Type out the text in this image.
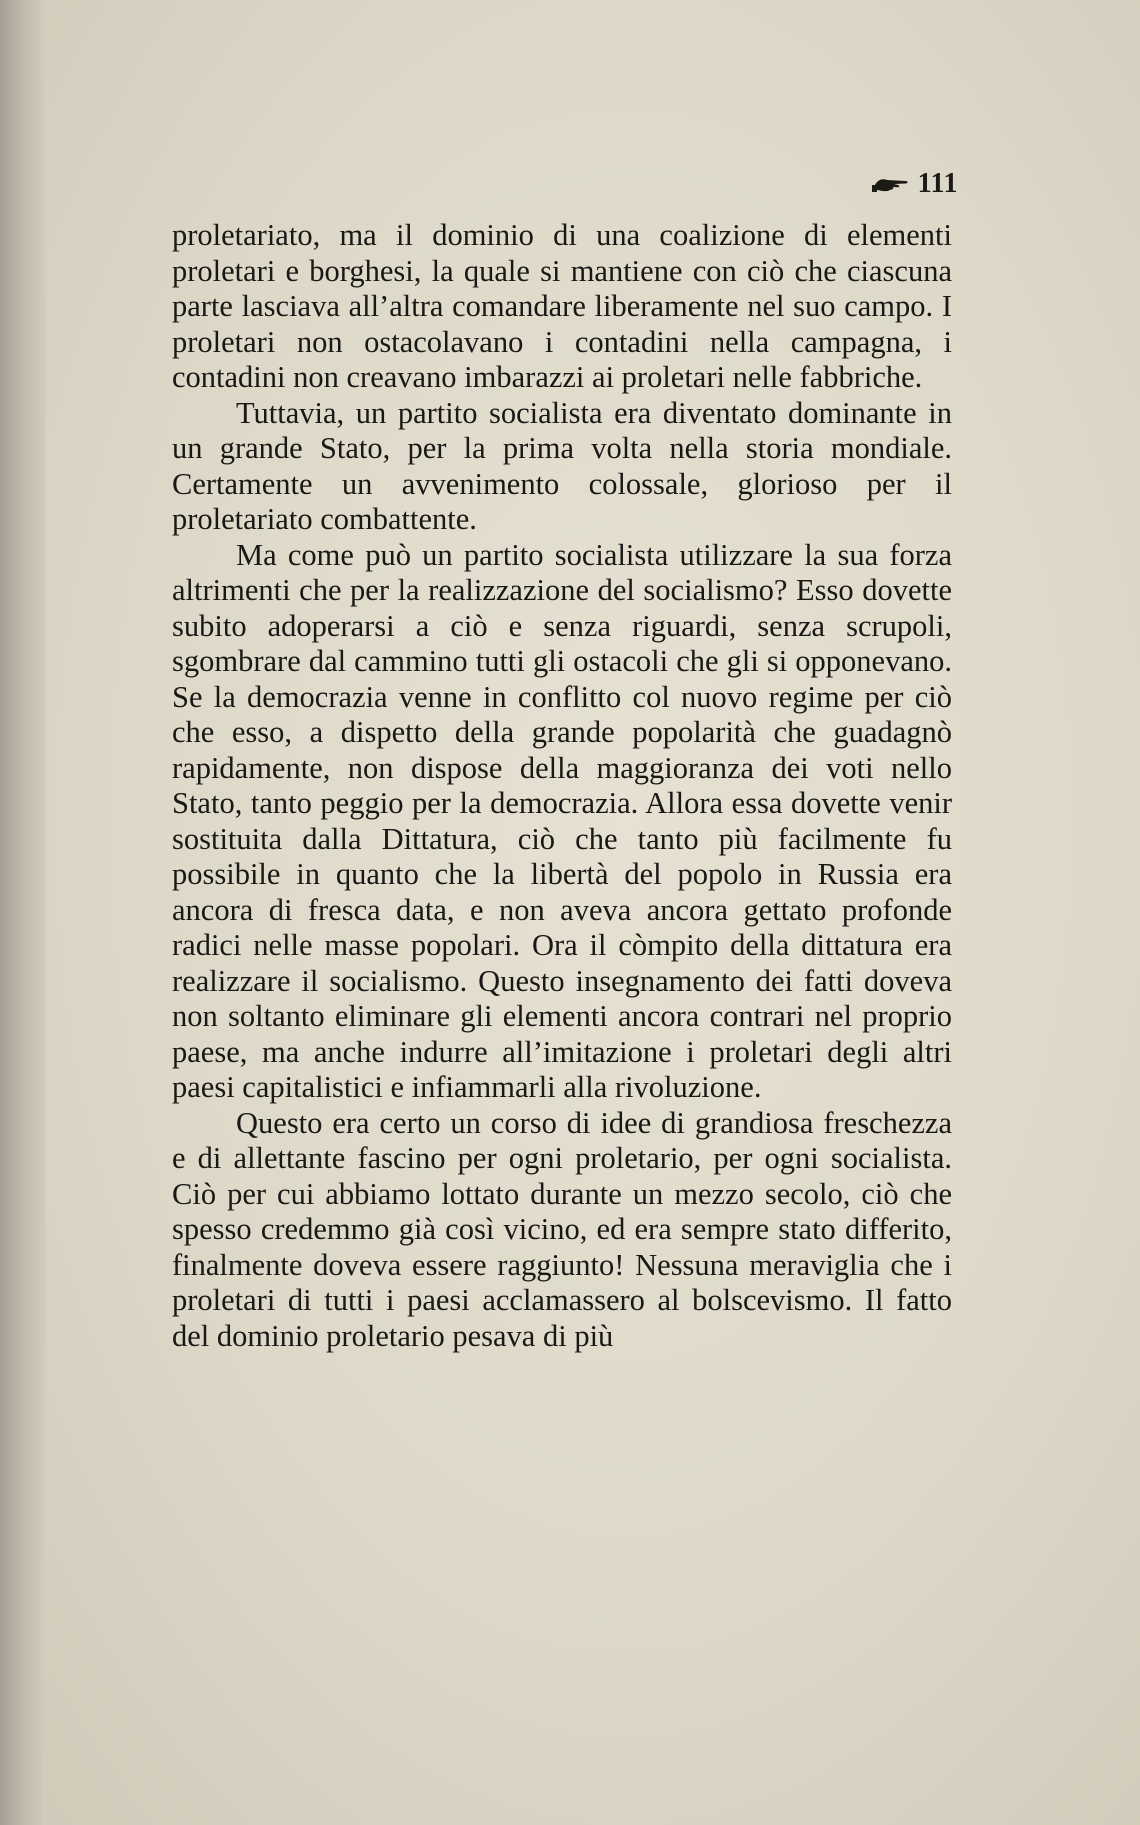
111

proletariato, ma il dominio di una coalizione di elementi proletari e borghesi, la quale si mantiene con ciò che ciascuna parte lasciava all’altra comandare liberamente nel suo campo. I proletari non ostacolavano i contadini nella campagna, i contadini non creavano imbarazzi ai proletari nelle fabbriche.

Tuttavia, un partito socialista era diventato dominante in un grande Stato, per la prima volta nella storia mondiale. Certamente un avvenimento colossale, glorioso per il proletariato combattente.

Ma come può un partito socialista utilizzare la sua forza altrimenti che per la realizzazione del socialismo? Esso dovette subito adoperarsi a ciò e senza riguardi, senza scrupoli, sgombrare dal cammino tutti gli ostacoli che gli si opponevano. Se la democrazia venne in conflitto col nuovo regime per ciò che esso, a dispetto della grande popolarità che guadagnò rapidamente, non dispose della maggioranza dei voti nello Stato, tanto peggio per la democrazia. Allora essa dovette venir sostituita dalla Dittatura, ciò che tanto più facilmente fu possibile in quanto che la libertà del popolo in Russia era ancora di fresca data, e non aveva ancora gettato profonde radici nelle masse popolari. Ora il còmpito della dittatura era realizzare il socialismo. Questo insegnamento dei fatti doveva non soltanto eliminare gli elementi ancora contrari nel proprio paese, ma anche indurre all’imitazione i proletari degli altri paesi capitalistici e infiammarli alla rivoluzione.

Questo era certo un corso di idee di grandiosa freschezza e di allettante fascino per ogni proletario, per ogni socialista. Ciò per cui abbiamo lottato durante un mezzo secolo, ciò che spesso credemmo già così vicino, ed era sempre stato differito, finalmente doveva essere raggiunto! Nessuna meraviglia che i proletari di tutti i paesi acclamassero al bolscevismo. Il fatto del dominio proletario pesava di più
